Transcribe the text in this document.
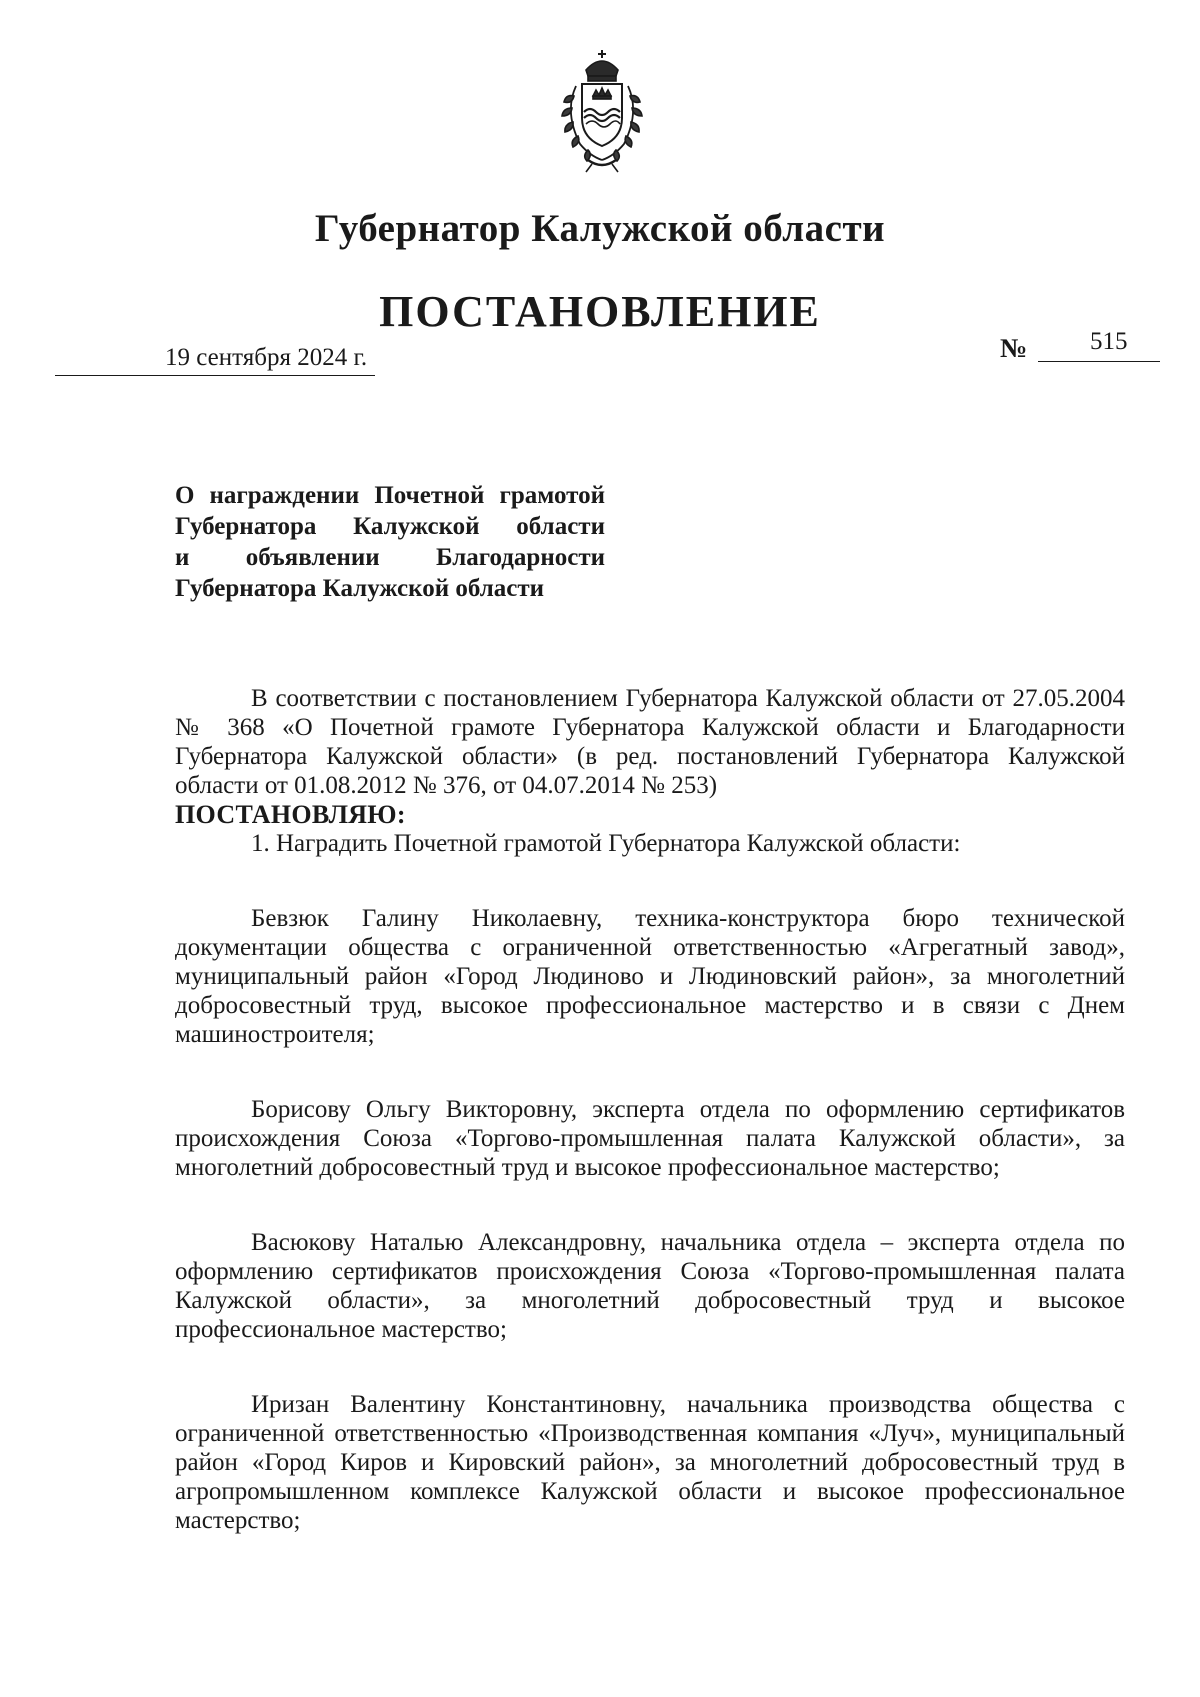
Губернатор Калужской области
ПОСТАНОВЛЕНИЕ
19 сентября 2024 г.	№	515
О награждении Почетной грамотой
Губернатора Калужской области
и объявлении Благодарности
Губернатора Калужской области

В соответствии с постановлением Губернатора Калужской области от 27.05.2004 № 368 «О Почетной грамоте Губернатора Калужской области и Благодарности Губернатора Калужской области» (в ред. постановлений Губернатора Калужской области от 01.08.2012 № 376, от 04.07.2014 № 253)

ПОСТАНОВЛЯЮ:

1. Наградить Почетной грамотой Губернатора Калужской области:

Бевзюк Галину Николаевну, техника-конструктора бюро технической документации общества с ограниченной ответственностью «Агрегатный завод», муниципальный район «Город Людиново и Людиновский район», за многолетний добросовестный труд, высокое профессиональное мастерство и в связи с Днем машиностроителя;

Борисову Ольгу Викторовну, эксперта отдела по оформлению сертификатов происхождения Союза «Торгово-промышленная палата Калужской области», за многолетний добросовестный труд и высокое профессиональное мастерство;

Васюкову Наталью Александровну, начальника отдела – эксперта отдела по оформлению сертификатов происхождения Союза «Торгово-промышленная палата Калужской области», за многолетний добросовестный труд и высокое профессиональное мастерство;

Иризан Валентину Константиновну, начальника производства общества с ограниченной ответственностью «Производственная компания «Луч», муниципальный район «Город Киров и Кировский район», за многолетний добросовестный труд в агропромышленном комплексе Калужской области и высокое профессиональное мастерство;
